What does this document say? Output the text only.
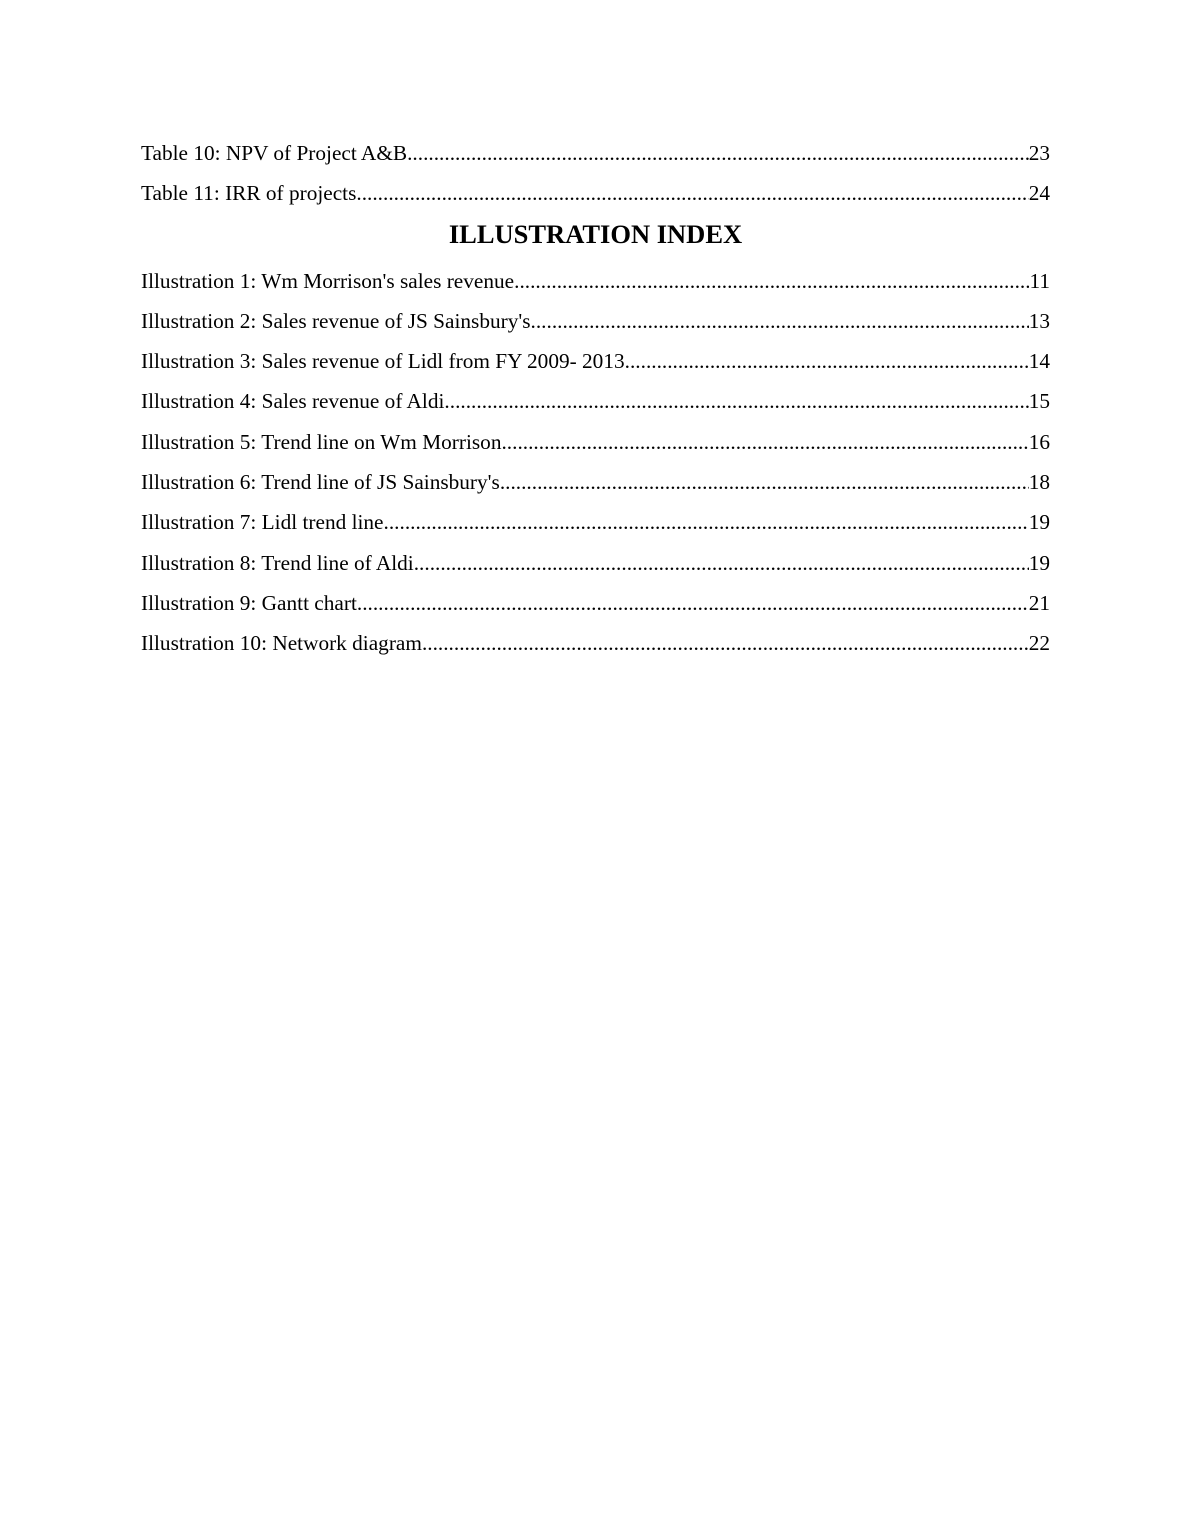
Table 10: NPV of Project A&B .....	23
Table 11: IRR of projects .....	24
ILLUSTRATION INDEX
Illustration 1: Wm Morrison's sales revenue .....	11
Illustration 2: Sales revenue of JS Sainsbury's .....	13
Illustration 3: Sales revenue of Lidl from FY 2009- 2013 .....	14
Illustration 4: Sales revenue of Aldi .....	15
Illustration 5: Trend line on Wm Morrison .....	16
Illustration 6: Trend line of JS Sainsbury's .....	18
Illustration 7: Lidl trend line .....	19
Illustration 8: Trend line of Aldi .....	19
Illustration 9: Gantt chart .....	21
Illustration 10: Network diagram .....	22
